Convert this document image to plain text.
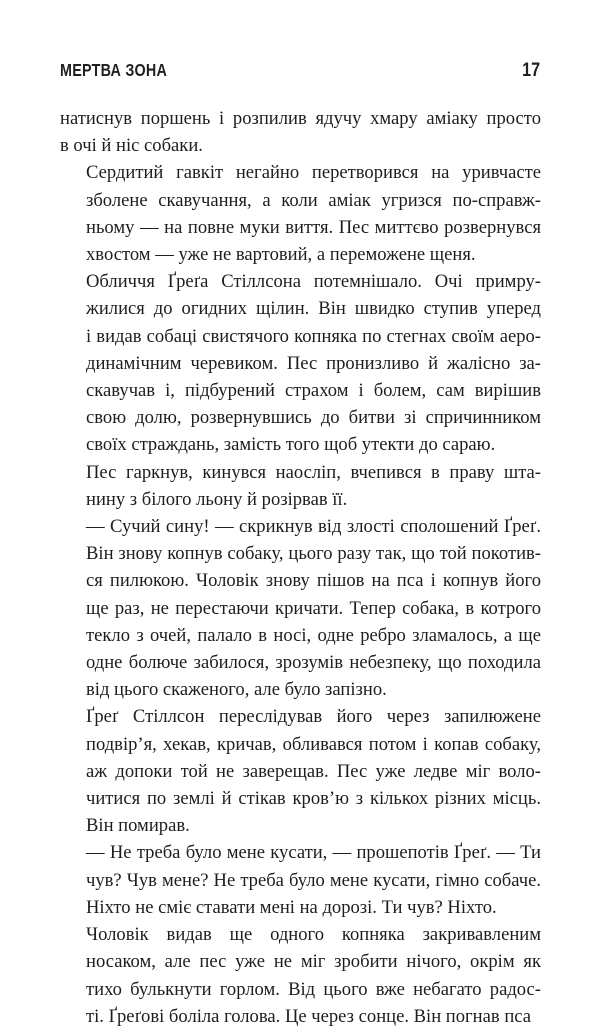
МЕРТВА ЗОНА	17

натиснув поршень і розпилив ядучу хмару аміаку просто
в очі й ніс собаки.

Сердитий гавкіт негайно перетворився на уривчасте
зболене скавучання, а коли аміак угризся по-справж-
ньому — на повне муки виття. Пес миттєво розвернувся
хвостом — уже не вартовий, а переможене щеня.

Обличчя Ґреґа Стіллсона потемнішало. Очі примру-
жилися до огидних щілин. Він швидко ступив уперед
і видав собаці свистячого копняка по стегнах своїм аеро-
динамічним черевиком. Пес пронизливо й жалісно за-
скавучав і, підбурений страхом і болем, сам вирішив
свою долю, розвернувшись до битви зі спричинником
своїх страждань, замість того щоб утекти до сараю.

Пес гаркнув, кинувся наосліп, вчепився в праву шта-
нину з білого льону й розірвав її.

— Сучий сину! — скрикнув від злості сполошений Ґреґ.
Він знову копнув собаку, цього разу так, що той покотив-
ся пилюкою. Чоловік знову пішов на пса і копнув його
ще раз, не перестаючи кричати. Тепер собака, в котрого
текло з очей, палало в носі, одне ребро зламалось, а ще
одне болюче забилося, зрозумів небезпеку, що походила
від цього скаженого, але було запізно.

Ґреґ Стіллсон переслідував його через запилюжене
подвір’я, хекав, кричав, обливався потом і копав собаку,
аж допоки той не заверещав. Пес уже ледве міг воло-
читися по землі й стікав кров’ю з кількох різних місць.
Він помирав.

— Не треба було мене кусати, — прошепотів Ґреґ. — Ти
чув? Чув мене? Не треба було мене кусати, гімно собаче.
Ніхто не сміє ставати мені на дорозі. Ти чув? Ніхто.

Чоловік видав ще одного копняка закривавленим
носаком, але пес уже не міг зробити нічого, окрім як
тихо булькнути горлом. Від цього вже небагато радос-
ті. Ґреґові боліла голова. Це через сонце. Він погнав пса
